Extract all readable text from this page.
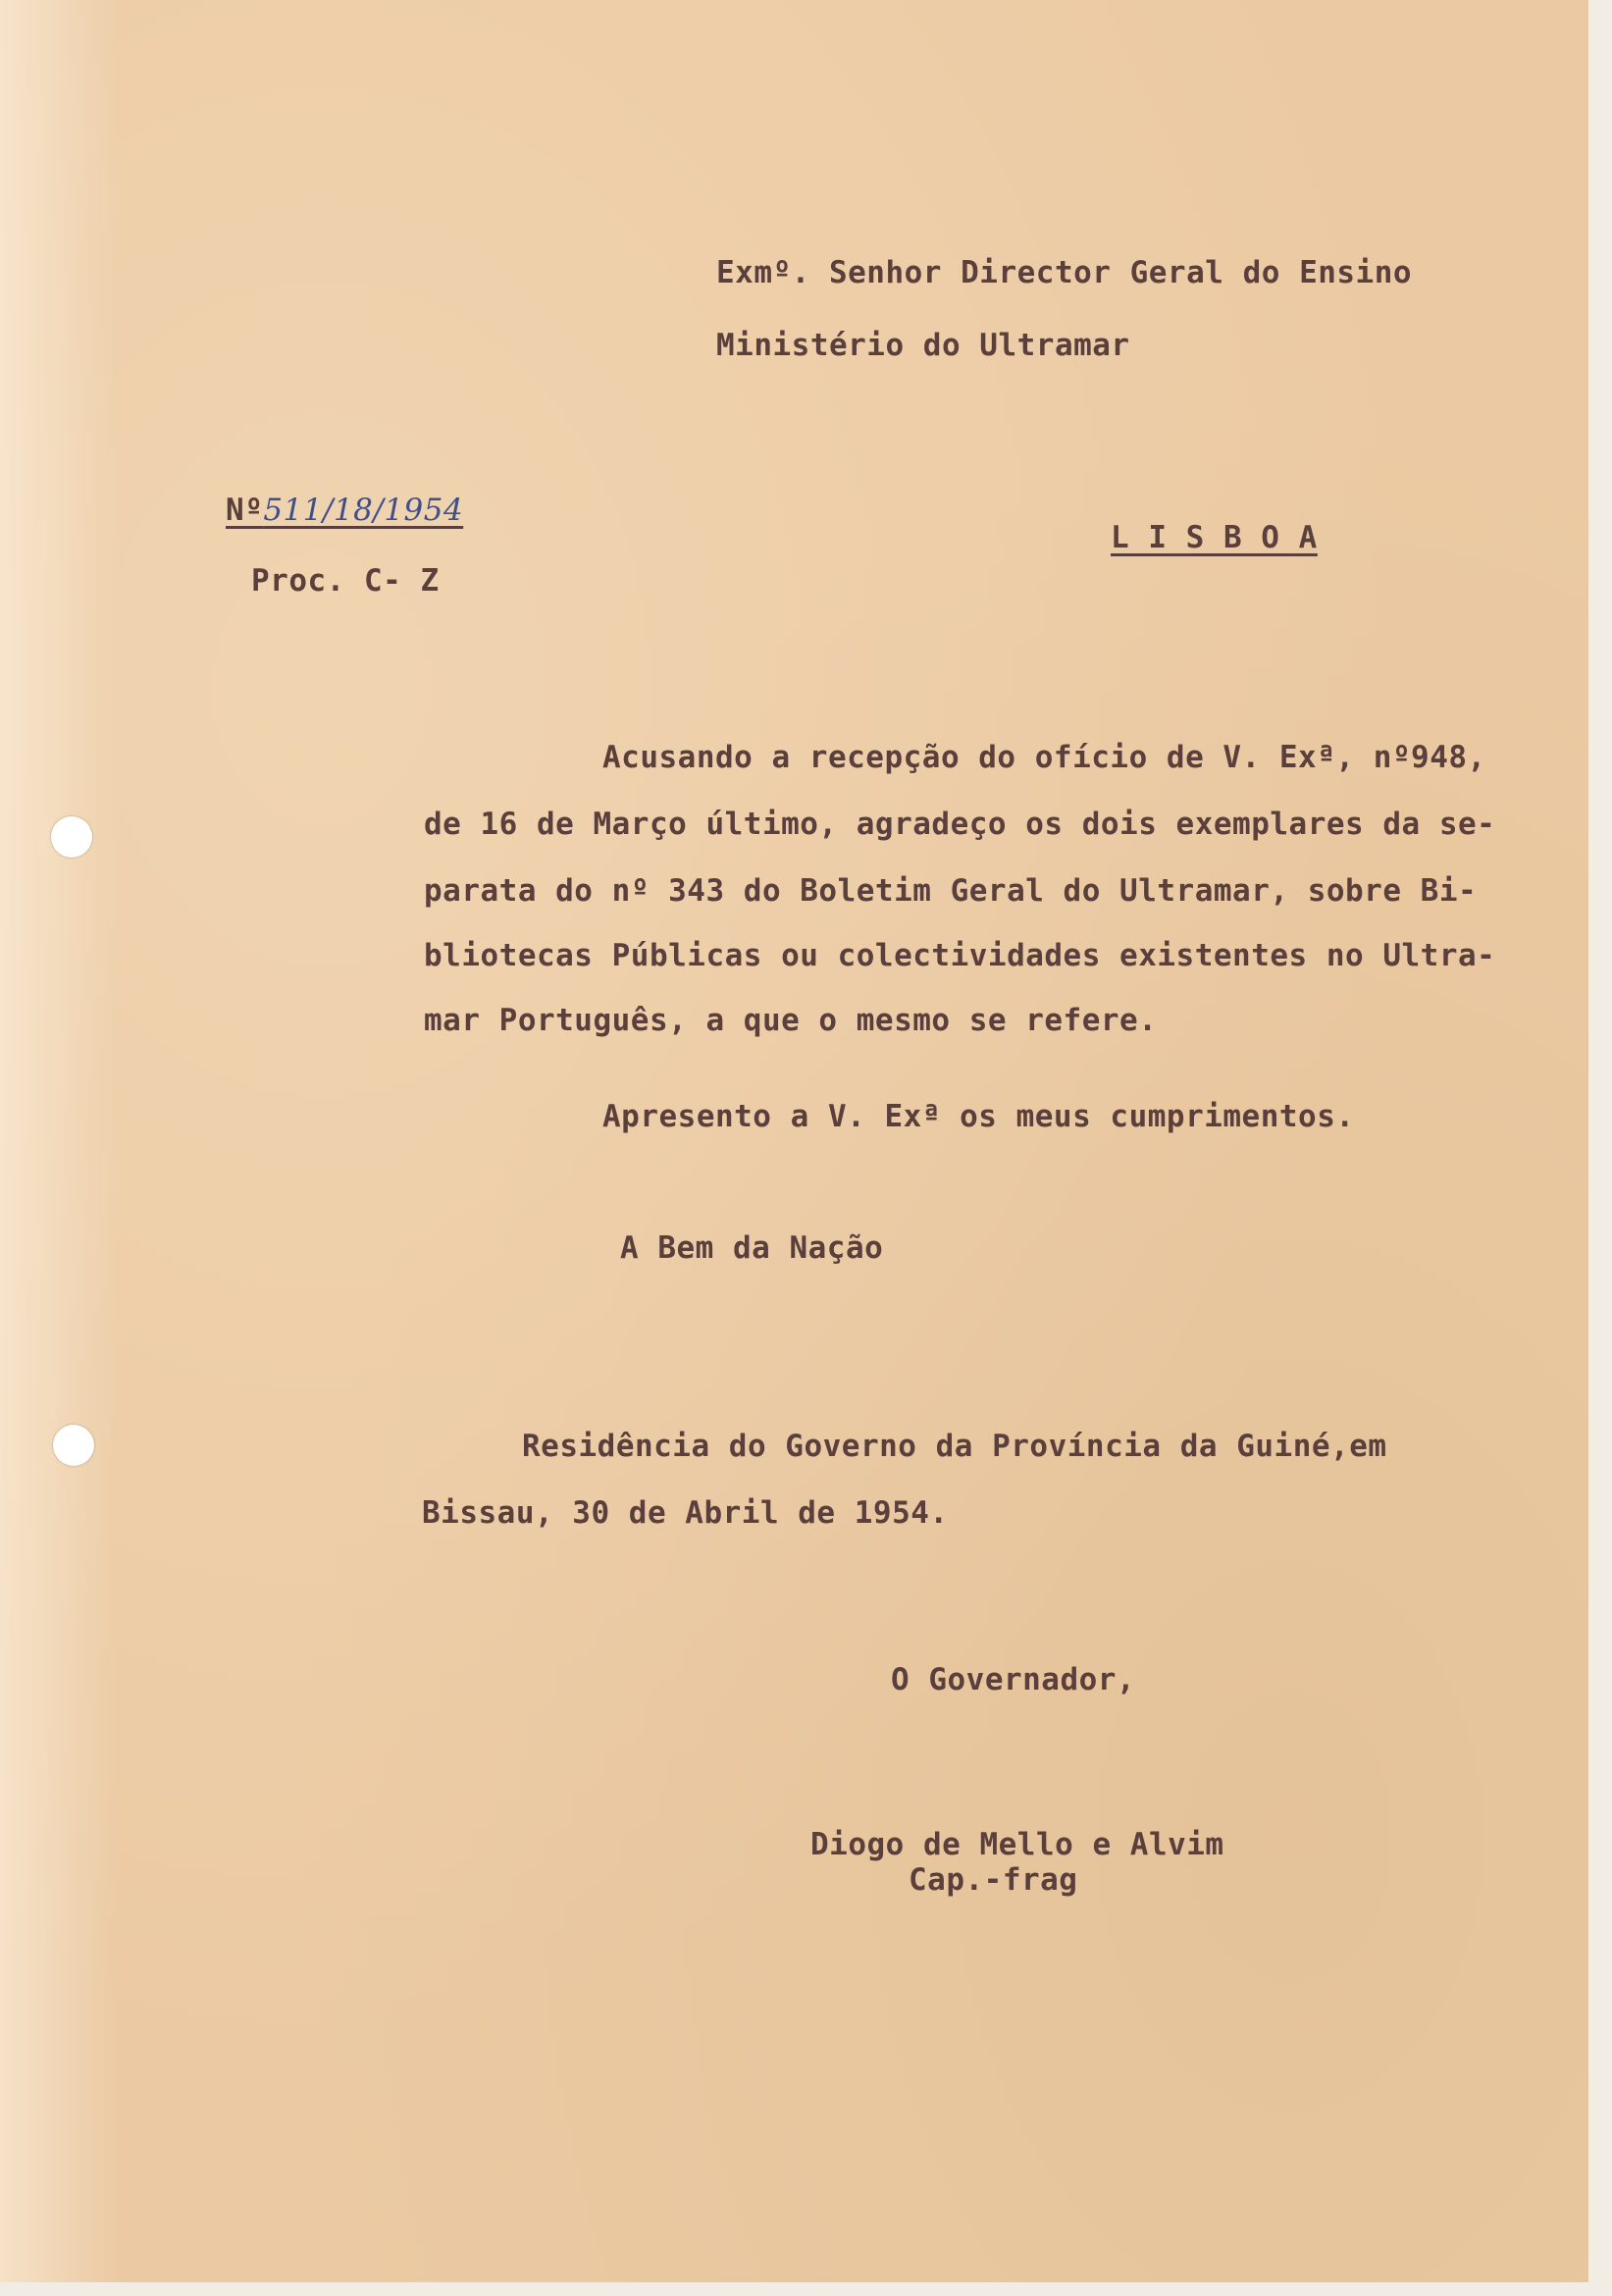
Exmº. Senhor Director Geral do Ensino

Ministério do Ultramar

Nº511/18/1954

Proc. C- Z

L I S B O A

Acusando a recepção do ofício de V. Exª, nº948,

de 16 de Março último, agradeço os dois exemplares da se-

parata do nº 343 do Boletim Geral do Ultramar, sobre Bi-

bliotecas Públicas ou colectividades existentes no Ultra-

mar Português, a que o mesmo se refere.

Apresento a V. Exª os meus cumprimentos.

A Bem da Nação

Residência do Governo da Província da Guiné,em

Bissau, 30 de Abril de 1954.

O Governador,

Diogo de Mello e Alvim

Cap.-frag
